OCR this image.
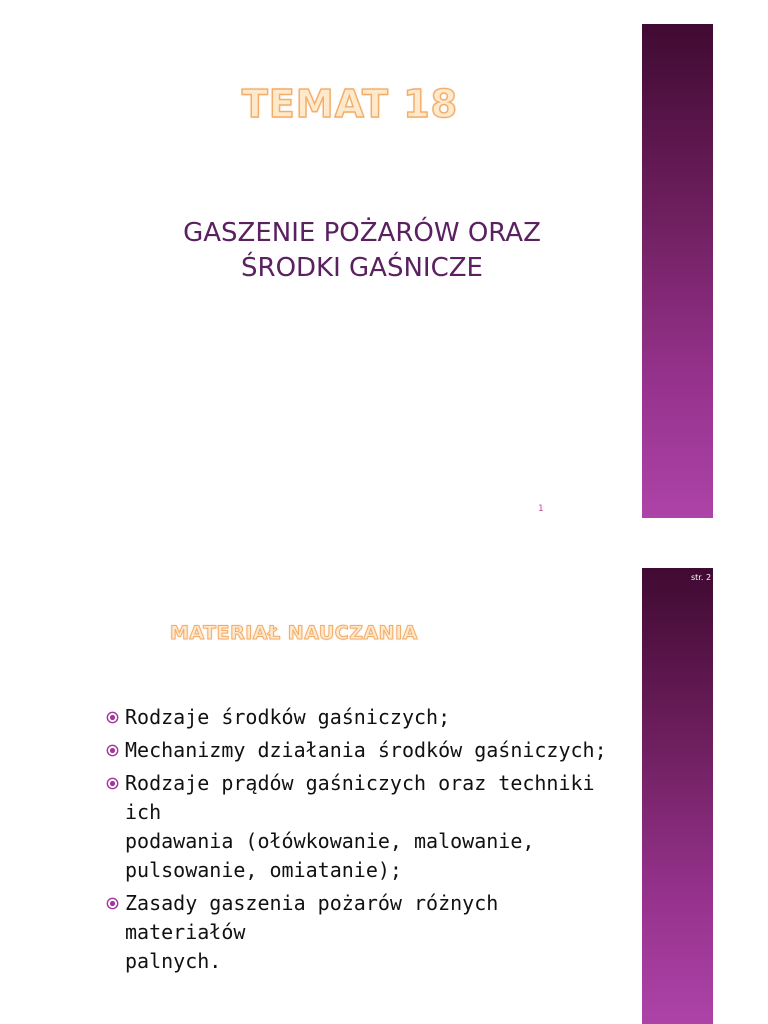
TEMAT 18
GASZENIE POŻARÓW ORAZ
ŚRODKI GAŚNICZE
1
str. 2
MATERIAŁ NAUCZANIA
Rodzaje środków gaśniczych;
Mechanizmy działania środków gaśniczych;
Rodzaje prądów gaśniczych oraz techniki ich
podawania (ołówkowanie, malowanie,
pulsowanie, omiatanie);
Zasady gaszenia pożarów różnych materiałów
palnych.
